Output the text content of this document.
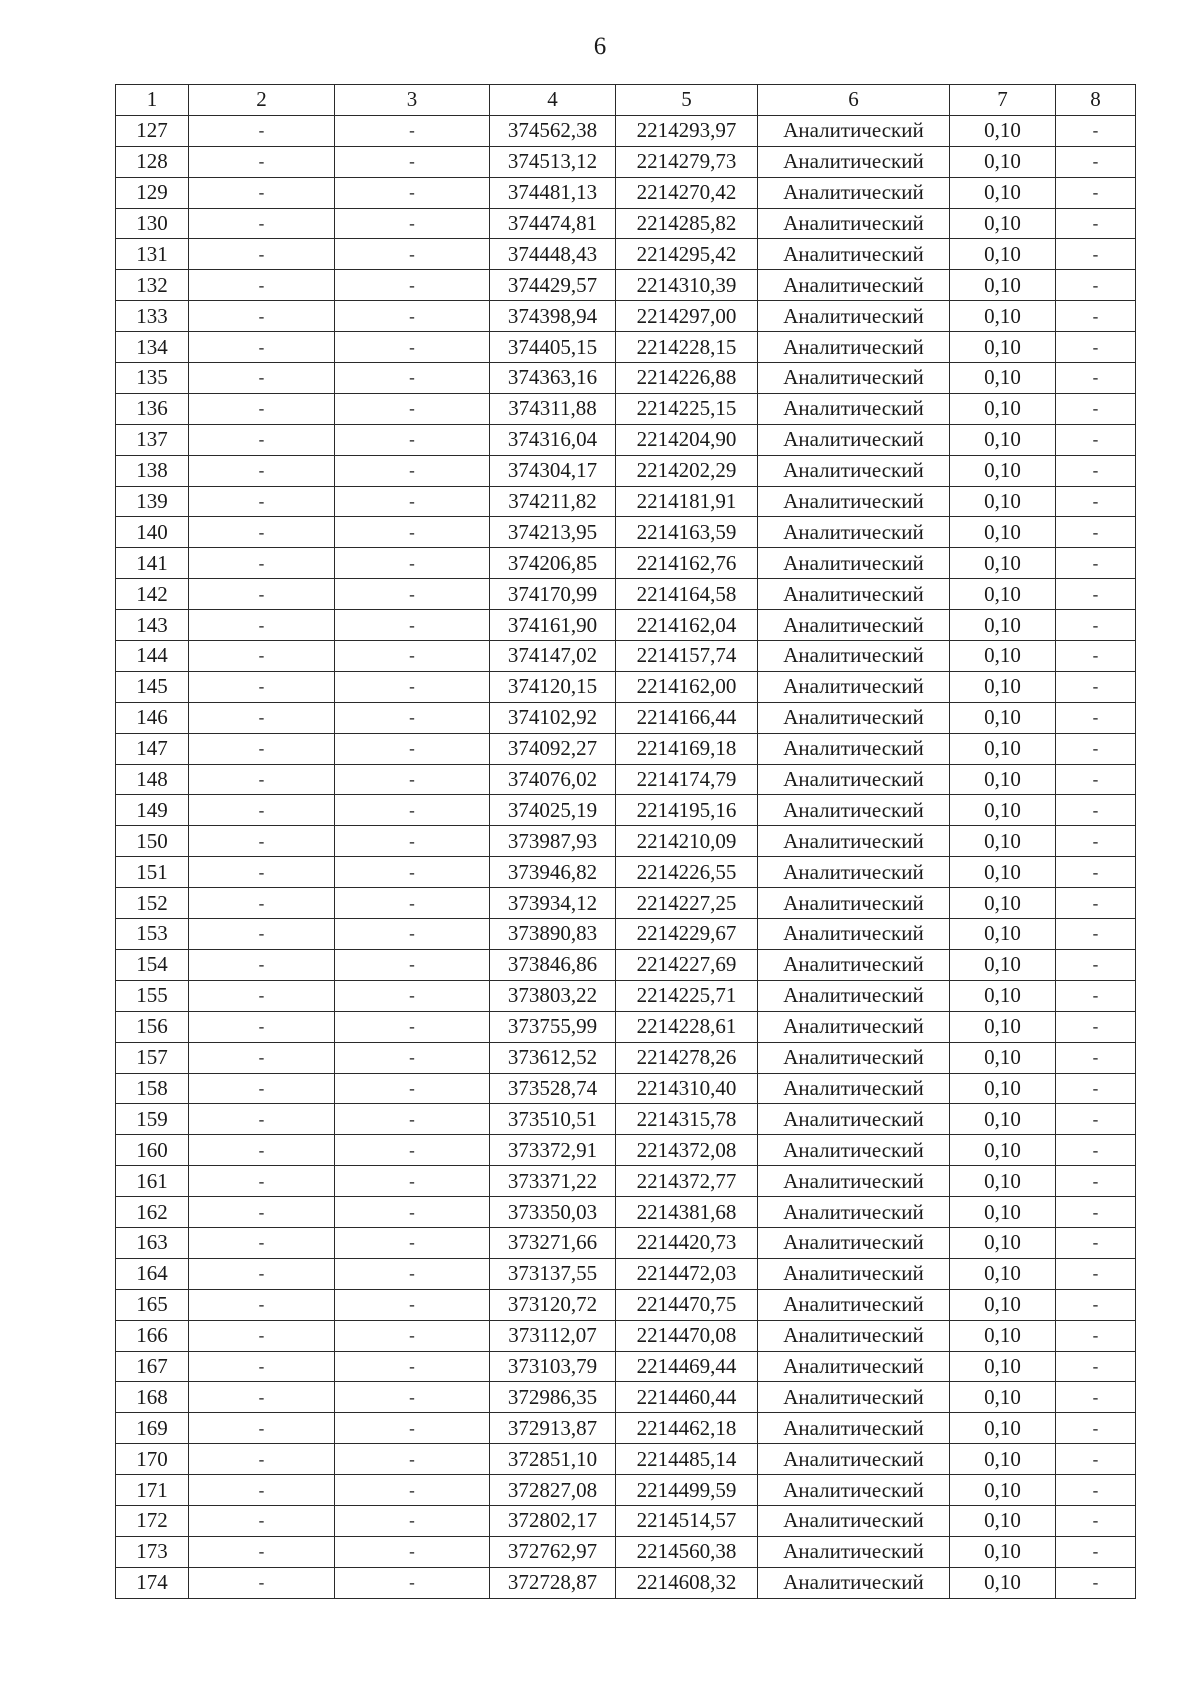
6
1	2	3	4	5	6	7	8
127	-	-	374562,38	2214293,97	Аналитический	0,10	-
128	-	-	374513,12	2214279,73	Аналитический	0,10	-
129	-	-	374481,13	2214270,42	Аналитический	0,10	-
130	-	-	374474,81	2214285,82	Аналитический	0,10	-
131	-	-	374448,43	2214295,42	Аналитический	0,10	-
132	-	-	374429,57	2214310,39	Аналитический	0,10	-
133	-	-	374398,94	2214297,00	Аналитический	0,10	-
134	-	-	374405,15	2214228,15	Аналитический	0,10	-
135	-	-	374363,16	2214226,88	Аналитический	0,10	-
136	-	-	374311,88	2214225,15	Аналитический	0,10	-
137	-	-	374316,04	2214204,90	Аналитический	0,10	-
138	-	-	374304,17	2214202,29	Аналитический	0,10	-
139	-	-	374211,82	2214181,91	Аналитический	0,10	-
140	-	-	374213,95	2214163,59	Аналитический	0,10	-
141	-	-	374206,85	2214162,76	Аналитический	0,10	-
142	-	-	374170,99	2214164,58	Аналитический	0,10	-
143	-	-	374161,90	2214162,04	Аналитический	0,10	-
144	-	-	374147,02	2214157,74	Аналитический	0,10	-
145	-	-	374120,15	2214162,00	Аналитический	0,10	-
146	-	-	374102,92	2214166,44	Аналитический	0,10	-
147	-	-	374092,27	2214169,18	Аналитический	0,10	-
148	-	-	374076,02	2214174,79	Аналитический	0,10	-
149	-	-	374025,19	2214195,16	Аналитический	0,10	-
150	-	-	373987,93	2214210,09	Аналитический	0,10	-
151	-	-	373946,82	2214226,55	Аналитический	0,10	-
152	-	-	373934,12	2214227,25	Аналитический	0,10	-
153	-	-	373890,83	2214229,67	Аналитический	0,10	-
154	-	-	373846,86	2214227,69	Аналитический	0,10	-
155	-	-	373803,22	2214225,71	Аналитический	0,10	-
156	-	-	373755,99	2214228,61	Аналитический	0,10	-
157	-	-	373612,52	2214278,26	Аналитический	0,10	-
158	-	-	373528,74	2214310,40	Аналитический	0,10	-
159	-	-	373510,51	2214315,78	Аналитический	0,10	-
160	-	-	373372,91	2214372,08	Аналитический	0,10	-
161	-	-	373371,22	2214372,77	Аналитический	0,10	-
162	-	-	373350,03	2214381,68	Аналитический	0,10	-
163	-	-	373271,66	2214420,73	Аналитический	0,10	-
164	-	-	373137,55	2214472,03	Аналитический	0,10	-
165	-	-	373120,72	2214470,75	Аналитический	0,10	-
166	-	-	373112,07	2214470,08	Аналитический	0,10	-
167	-	-	373103,79	2214469,44	Аналитический	0,10	-
168	-	-	372986,35	2214460,44	Аналитический	0,10	-
169	-	-	372913,87	2214462,18	Аналитический	0,10	-
170	-	-	372851,10	2214485,14	Аналитический	0,10	-
171	-	-	372827,08	2214499,59	Аналитический	0,10	-
172	-	-	372802,17	2214514,57	Аналитический	0,10	-
173	-	-	372762,97	2214560,38	Аналитический	0,10	-
174	-	-	372728,87	2214608,32	Аналитический	0,10	-
